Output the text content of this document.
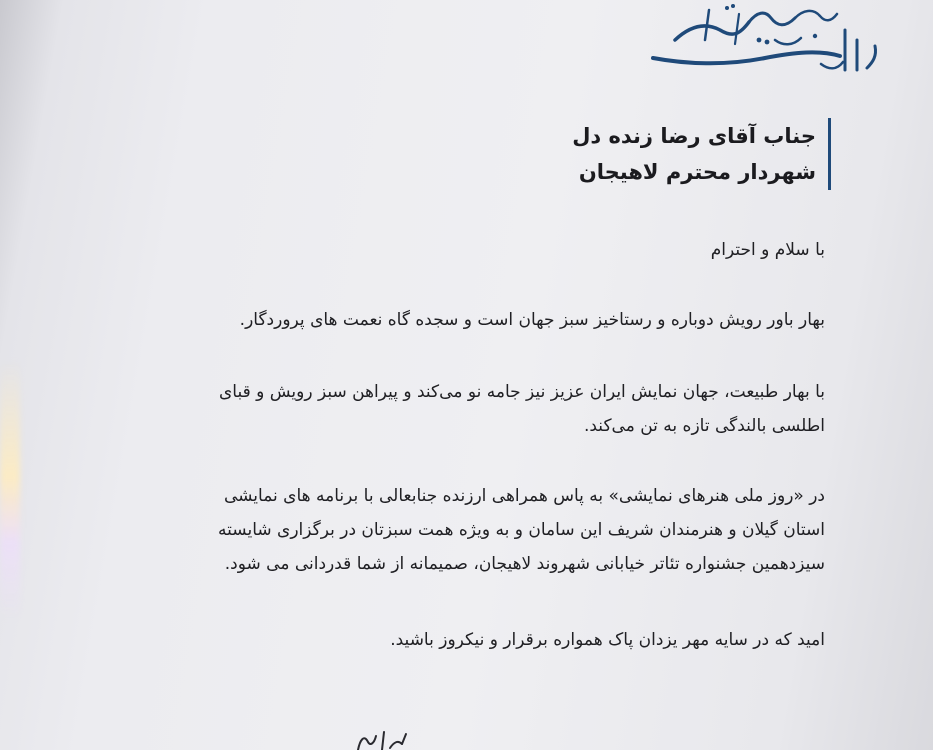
جناب آقای رضا زنده دل
شهردار محترم لاهیجان

با سلام و احترام

بهار باور رویش دوباره و رستاخیز سبز جهان است و سجده گاه نعمت های پروردگار.

با بهار طبیعت، جهان نمایش ایران عزیز نیز جامه نو می‌کند و پیراهن سبز رویش و قبای

اطلسی بالندگی تازه به تن می‌کند.

در «روز ملی هنرهای نمایشی» به پاس همراهی ارزنده جنابعالی با برنامه های نمایشی

استان گیلان و هنرمندان شریف این سامان و به ویژه همت سبزتان در برگزاری شایسته

سیزدهمین جشنواره تئاتر خیابانی شهروند لاهیجان، صمیمانه از شما قدردانی می شود.

امید که در سایه مهر یزدان پاک همواره برقرار و نیکروز باشید.
